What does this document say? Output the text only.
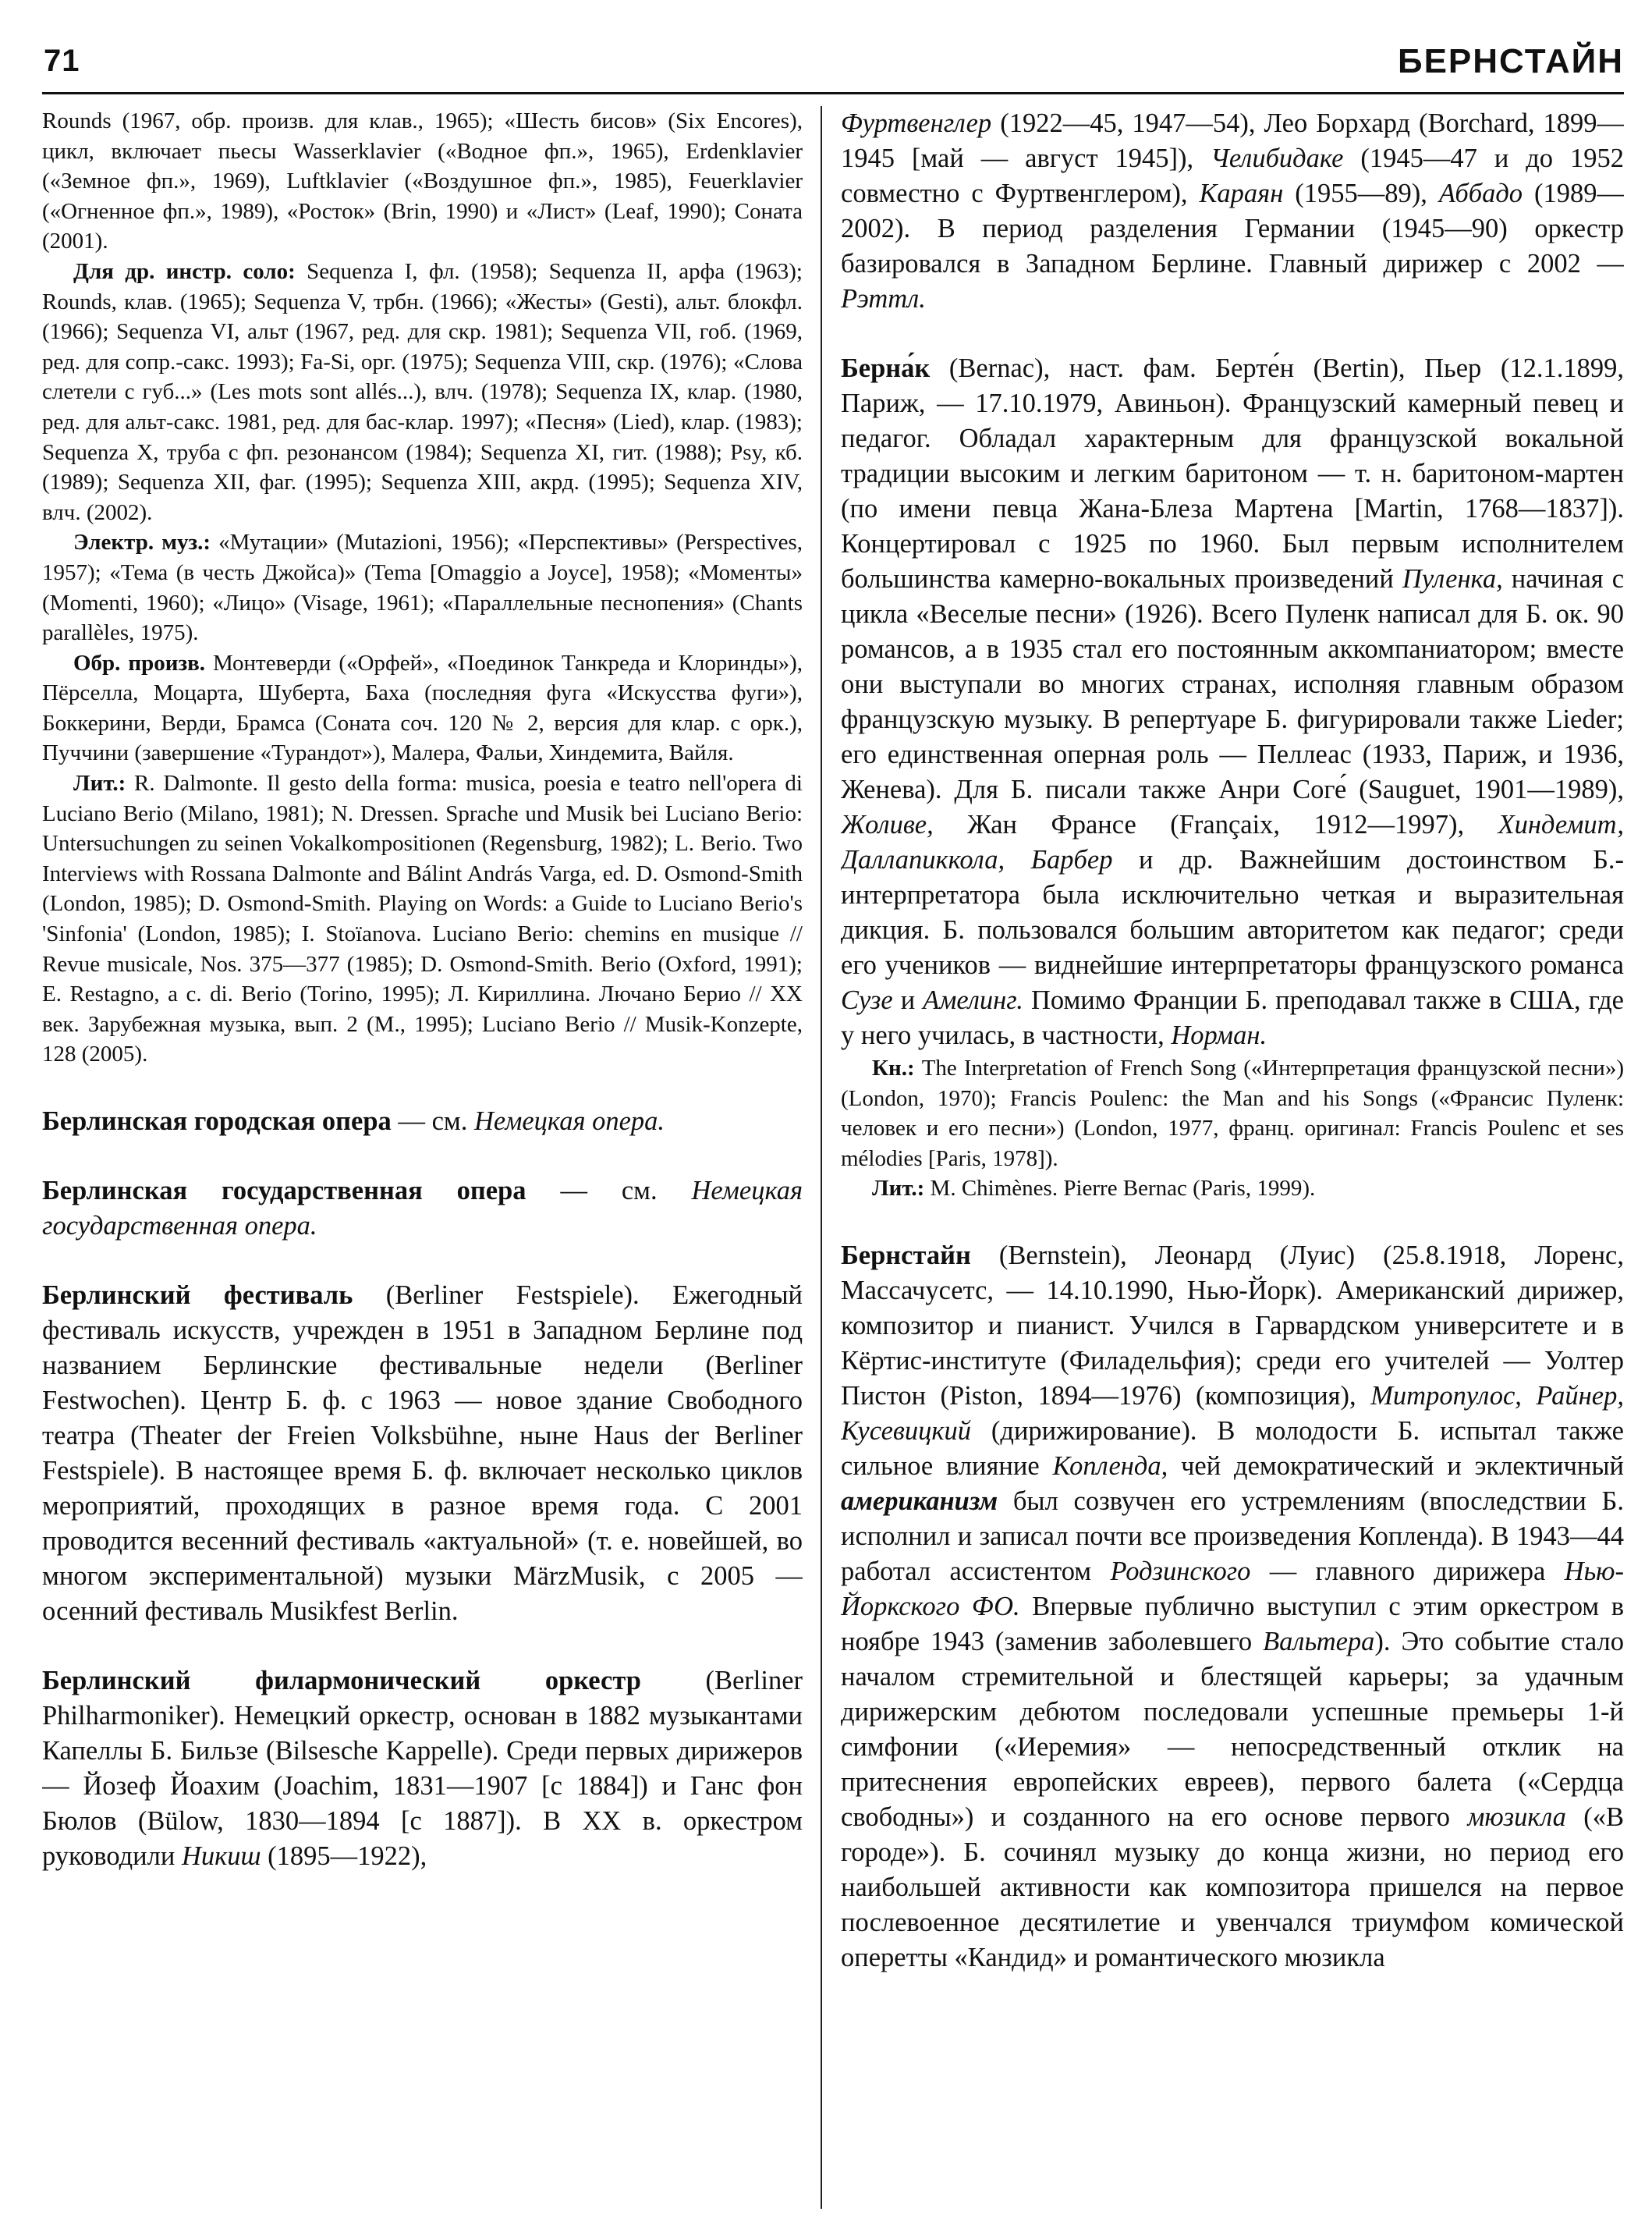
71	БЕРНСТАЙН

Rounds (1967, обр. произв. для клав., 1965); «Шесть бисов» (Six Encores), цикл, включает пьесы Wasserklavier («Водное фп.», 1965), Erdenklavier («Земное фп.», 1969), Luftklavier («Воздушное фп.», 1985), Feuerklavier («Огненное фп.», 1989), «Росток» (Brin, 1990) и «Лист» (Leaf, 1990); Соната (2001).

Для др. инстр. соло: Sequenza I, фл. (1958); Sequenza II, арфа (1963); Rounds, клав. (1965); Sequenza V, трбн. (1966); «Жесты» (Gesti), альт. блокфл. (1966); Sequenza VI, альт (1967, ред. для скр. 1981); Sequenza VII, гоб. (1969, ред. для сопр.-сакс. 1993); Fa-Si, орг. (1975); Sequenza VIII, скр. (1976); «Слова слетели с губ...» (Les mots sont allés...), влч. (1978); Sequenza IX, клар. (1980, ред. для альт-сакс. 1981, ред. для бас-клар. 1997); «Песня» (Lied), клар. (1983); Sequenza X, труба с фп. резонансом (1984); Sequenza XI, гит. (1988); Psy, кб. (1989); Sequenza XII, фаг. (1995); Sequenza XIII, акрд. (1995); Sequenza XIV, влч. (2002).

Электр. муз.: «Мутации» (Mutazioni, 1956); «Перспективы» (Perspectives, 1957); «Тема (в честь Джойса)» (Tema [Omaggio a Joyce], 1958); «Моменты» (Momenti, 1960); «Лицо» (Visage, 1961); «Параллельные песнопения» (Chants parallèles, 1975).

Обр. произв. Монтеверди («Орфей», «Поединок Танкреда и Клоринды»), Пёрселла, Моцарта, Шуберта, Баха (последняя фуга «Искусства фуги»), Боккерини, Верди, Брамса (Соната соч. 120 № 2, версия для клар. с орк.), Пуччини (завершение «Турандот»), Малера, Фальи, Хиндемита, Вайля.

Лит.: R. Dalmonte. Il gesto della forma: musica, poesia e teatro nell'opera di Luciano Berio (Milano, 1981); N. Dressen. Sprache und Musik bei Luciano Berio: Untersuchungen zu seinen Vokalkompositionen (Regensburg, 1982); L. Berio. Two Interviews with Rossana Dalmonte and Bálint András Varga, ed. D. Osmond-Smith (London, 1985); D. Osmond-Smith. Playing on Words: a Guide to Luciano Berio's 'Sinfonia' (London, 1985); I. Stoïanova. Luciano Berio: chemins en musique // Revue musicale, Nos. 375—377 (1985); D. Osmond-Smith. Berio (Oxford, 1991); E. Restagno, a c. di. Berio (Torino, 1995); Л. Кириллина. Лючано Берио // XX век. Зарубежная музыка, вып. 2 (М., 1995); Luciano Berio // Musik-Konzepte, 128 (2005).

Берлинская городская опера — см. Немецкая опера.

Берлинская государственная опера — см. Немецкая государственная опера.

Берлинский фестиваль (Berliner Festspiele). Ежегодный фестиваль искусств, учрежден в 1951 в Западном Берлине под названием Берлинские фестивальные недели (Berliner Festwochen). Центр Б. ф. с 1963 — новое здание Свободного театра (Theater der Freien Volksbühne, ныне Haus der Berliner Festspiele). В настоящее время Б. ф. включает несколько циклов мероприятий, проходящих в разное время года. С 2001 проводится весенний фестиваль «актуальной» (т. е. новейшей, во многом экспериментальной) музыки MärzMusik, с 2005 — осенний фестиваль Musikfest Berlin.

Берлинский филармонический оркестр (Berliner Philharmoniker). Немецкий оркестр, основан в 1882 музыкантами Капеллы Б. Бильзе (Bilsesche Kappelle). Среди первых дирижеров — Йозеф Йоахим (Joachim, 1831—1907 [с 1884]) и Ганс фон Бюлов (Bülow, 1830—1894 [с 1887]). В XX в. оркестром руководили Никиш (1895—1922),

Фуртвенглер (1922—45, 1947—54), Лео Борхард (Borchard, 1899—1945 [май — август 1945]), Челибидаке (1945—47 и до 1952 совместно с Фуртвенглером), Караян (1955—89), Аббадо (1989—2002). В период разделения Германии (1945—90) оркестр базировался в Западном Берлине. Главный дирижер с 2002 — Рэттл.

Берна́к (Bernac), наст. фам. Берте́н (Bertin), Пьер (12.1.1899, Париж, — 17.10.1979, Авиньон). Французский камерный певец и педагог. Обладал характерным для французской вокальной традиции высоким и легким баритоном — т. н. баритоном-мартен (по имени певца Жана-Блеза Мартена [Martin, 1768—1837]). Концертировал с 1925 по 1960. Был первым исполнителем большинства камерно-вокальных произведений Пуленка, начиная с цикла «Веселые песни» (1926). Всего Пуленк написал для Б. ок. 90 романсов, а в 1935 стал его постоянным аккомпаниатором; вместе они выступали во многих странах, исполняя главным образом французскую музыку. В репертуаре Б. фигурировали также Lieder; его единственная оперная роль — Пеллеас (1933, Париж, и 1936, Женева). Для Б. писали также Анри Соге́ (Sauguet, 1901—1989), Жоливе, Жан Франсе (Françaix, 1912—1997), Хиндемит, Даллапиккола, Барбер и др. Важнейшим достоинством Б.-интерпретатора была исключительно четкая и выразительная дикция. Б. пользовался большим авторитетом как педагог; среди его учеников — виднейшие интерпретаторы французского романса Сузе и Амелинг. Помимо Франции Б. преподавал также в США, где у него училась, в частности, Норман.

Кн.: The Interpretation of French Song («Интерпретация французской песни») (London, 1970); Francis Poulenc: the Man and his Songs («Франсис Пуленк: человек и его песни») (London, 1977, франц. оригинал: Francis Poulenc et ses mélodies [Paris, 1978]).

Лит.: M. Chimènes. Pierre Bernac (Paris, 1999).

Бернстайн (Bernstein), Леонард (Луис) (25.8.1918, Лоренс, Массачусетс, — 14.10.1990, Нью-Йорк). Американский дирижер, композитор и пианист. Учился в Гарвардском университете и в Кёртис-институте (Филадельфия); среди его учителей — Уолтер Пистон (Piston, 1894—1976) (композиция), Митропулос, Райнер, Кусевицкий (дирижирование). В молодости Б. испытал также сильное влияние Копленда, чей демократический и эклектичный американизм был созвучен его устремлениям (впоследствии Б. исполнил и записал почти все произведения Копленда). В 1943—44 работал ассистентом Родзинского — главного дирижера Нью-Йоркского ФО. Впервые публично выступил с этим оркестром в ноябре 1943 (заменив заболевшего Вальтера). Это событие стало началом стремительной и блестящей карьеры; за удачным дирижерским дебютом последовали успешные премьеры 1-й симфонии («Иеремия» — непосредственный отклик на притеснения европейских евреев), первого балета («Сердца свободны») и созданного на его основе первого мюзикла («В городе»). Б. сочинял музыку до конца жизни, но период его наибольшей активности как композитора пришелся на первое послевоенное десятилетие и увенчался триумфом комической оперетты «Кандид» и романтического мюзикла
